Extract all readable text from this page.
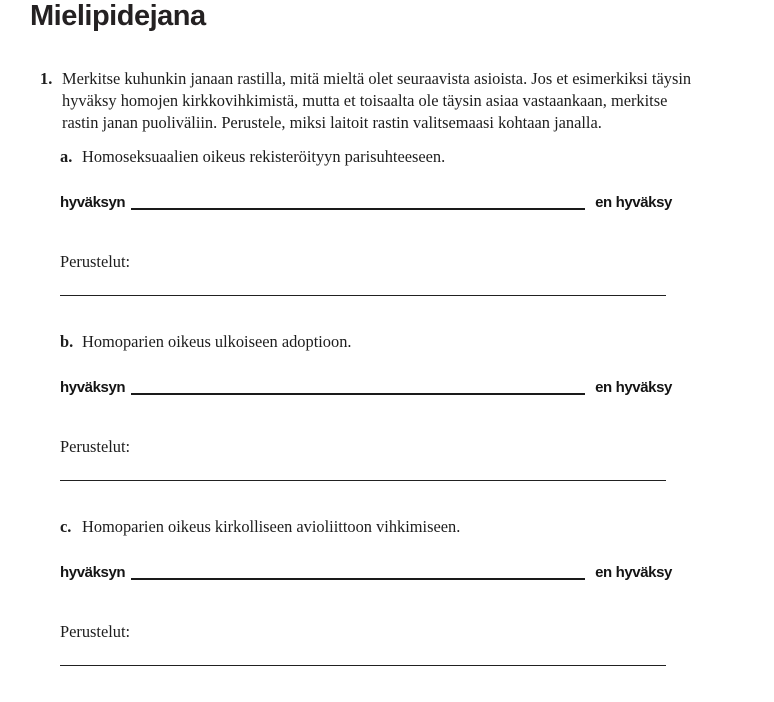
Mielipidejana
1. Merkitse kuhunkin janaan rastilla, mitä mieltä olet seuraavista asioista. Jos et esimerkiksi täysin
hyväksy homojen kirkkovihkimistä, mutta et toisaalta ole täysin asiaa vastaankaan, merkitse
rastin janan puoliväliin. Perustele, miksi laitoit rastin valitsemaasi kohtaan janalla.
a. Homoseksuaalien oikeus rekisteröityyn parisuhteeseen.
hyväksyn	en hyväksy
Perustelut:
b. Homoparien oikeus ulkoiseen adoptioon.
hyväksyn	en hyväksy
Perustelut:
c. Homoparien oikeus kirkolliseen avioliittoon vihkimiseen.
hyväksyn	en hyväksy
Perustelut:
